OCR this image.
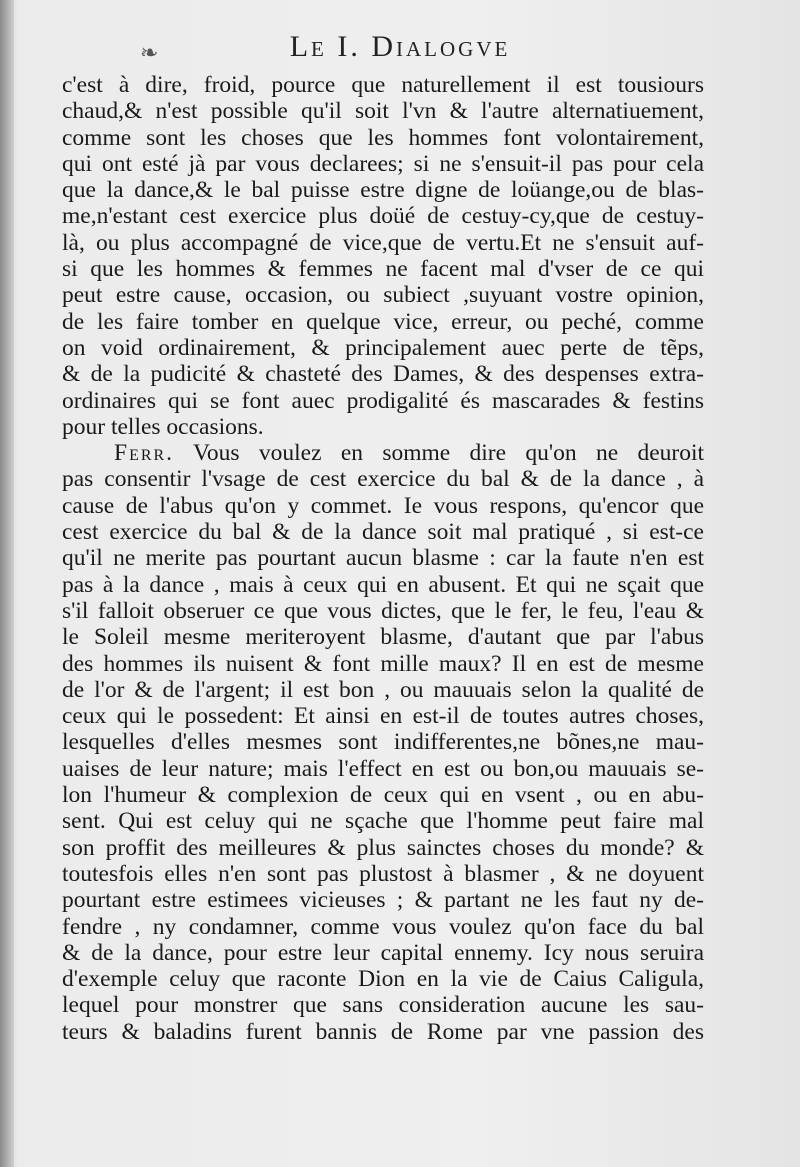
❧	Le I. Dialogve
c'est à dire, froid, pource que naturellement il est tousiours
chaud,& n'est possible qu'il soit l'vn & l'autre alternatiuement,
comme sont les choses que les hommes font volontairement,
qui ont esté jà par vous declarees; si ne s'ensuit-il pas pour cela
que la dance,& le bal puisse estre digne de loüange,ou de blas-
me,n'estant cest exercice plus doüé de cestuy-cy,que de cestuy-
là, ou plus accompagné de vice,que de vertu.Et ne s'ensuit auf-
si que les hommes & femmes ne facent mal d'vser de ce qui
peut estre cause, occasion, ou subiect ,suyuant vostre opinion,
de les faire tomber en quelque vice, erreur, ou peché, comme
on void ordinairement, & principalement auec perte de tẽps,
& de la pudicité & chasteté des Dames, & des despenses extra-
ordinaires qui se font auec prodigalité és mascarades & festins
pour telles occasions.
Ferr. Vous voulez en somme dire qu'on ne deuroit
pas consentir l'vsage de cest exercice du bal & de la dance , à
cause de l'abus qu'on y commet. Ie vous respons, qu'encor que
cest exercice du bal & de la dance soit mal pratiqué , si est-ce
qu'il ne merite pas pourtant aucun blasme : car la faute n'en est
pas à la dance , mais à ceux qui en abusent. Et qui ne sçait que
s'il falloit obseruer ce que vous dictes, que le fer, le feu, l'eau &
le Soleil mesme meriteroyent blasme, d'autant que par l'abus
des hommes ils nuisent & font mille maux? Il en est de mesme
de l'or & de l'argent; il est bon , ou mauuais selon la qualité de
ceux qui le possedent: Et ainsi en est-il de toutes autres choses,
lesquelles d'elles mesmes sont indifferentes,ne bõnes,ne mau-
uaises de leur nature; mais l'effect en est ou bon,ou mauuais se-
lon l'humeur & complexion de ceux qui en vsent , ou en abu-
sent. Qui est celuy qui ne sçache que l'homme peut faire mal
son proffit des meilleures & plus sainctes choses du monde? &
toutesfois elles n'en sont pas plustost à blasmer , & ne doyuent
pourtant estre estimees vicieuses ; & partant ne les faut ny de-
fendre , ny condamner, comme vous voulez qu'on face du bal
& de la dance, pour estre leur capital ennemy. Icy nous seruira
d'exemple celuy que raconte Dion en la vie de Caius Caligula,
lequel pour monstrer que sans consideration aucune les sau-
teurs & baladins furent bannis de Rome par vne passion des
